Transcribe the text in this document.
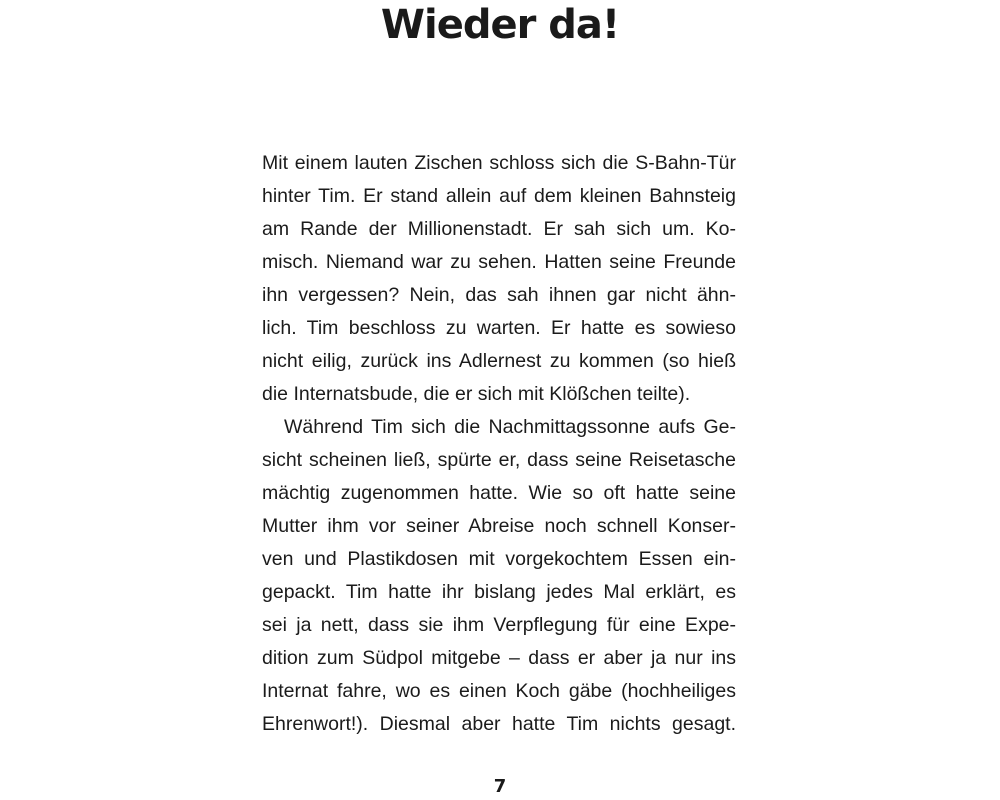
Wieder da!
Mit einem lauten Zischen schloss sich die S-Bahn-Tür
hinter Tim. Er stand allein auf dem kleinen Bahnsteig
am Rande der Millionenstadt. Er sah sich um. Ko-
misch. Niemand war zu sehen. Hatten seine Freunde
ihn vergessen? Nein, das sah ihnen gar nicht ähn-
lich. Tim beschloss zu warten. Er hatte es sowieso
nicht eilig, zurück ins Adlernest zu kommen (so hieß
die Internatsbude, die er sich mit Klößchen teilte).
Während Tim sich die Nachmittagssonne aufs Ge-
sicht scheinen ließ, spürte er, dass seine Reisetasche
mächtig zugenommen hatte. Wie so oft hatte seine
Mutter ihm vor seiner Abreise noch schnell Konser-
ven und Plastikdosen mit vorgekochtem Essen ein-
gepackt. Tim hatte ihr bislang jedes Mal erklärt, es
sei ja nett, dass sie ihm Verpflegung für eine Expe-
dition zum Südpol mitgebe – dass er aber ja nur ins
Internat fahre, wo es einen Koch gäbe (hochheiliges
Ehrenwort!). Diesmal aber hatte Tim nichts gesagt.
7
